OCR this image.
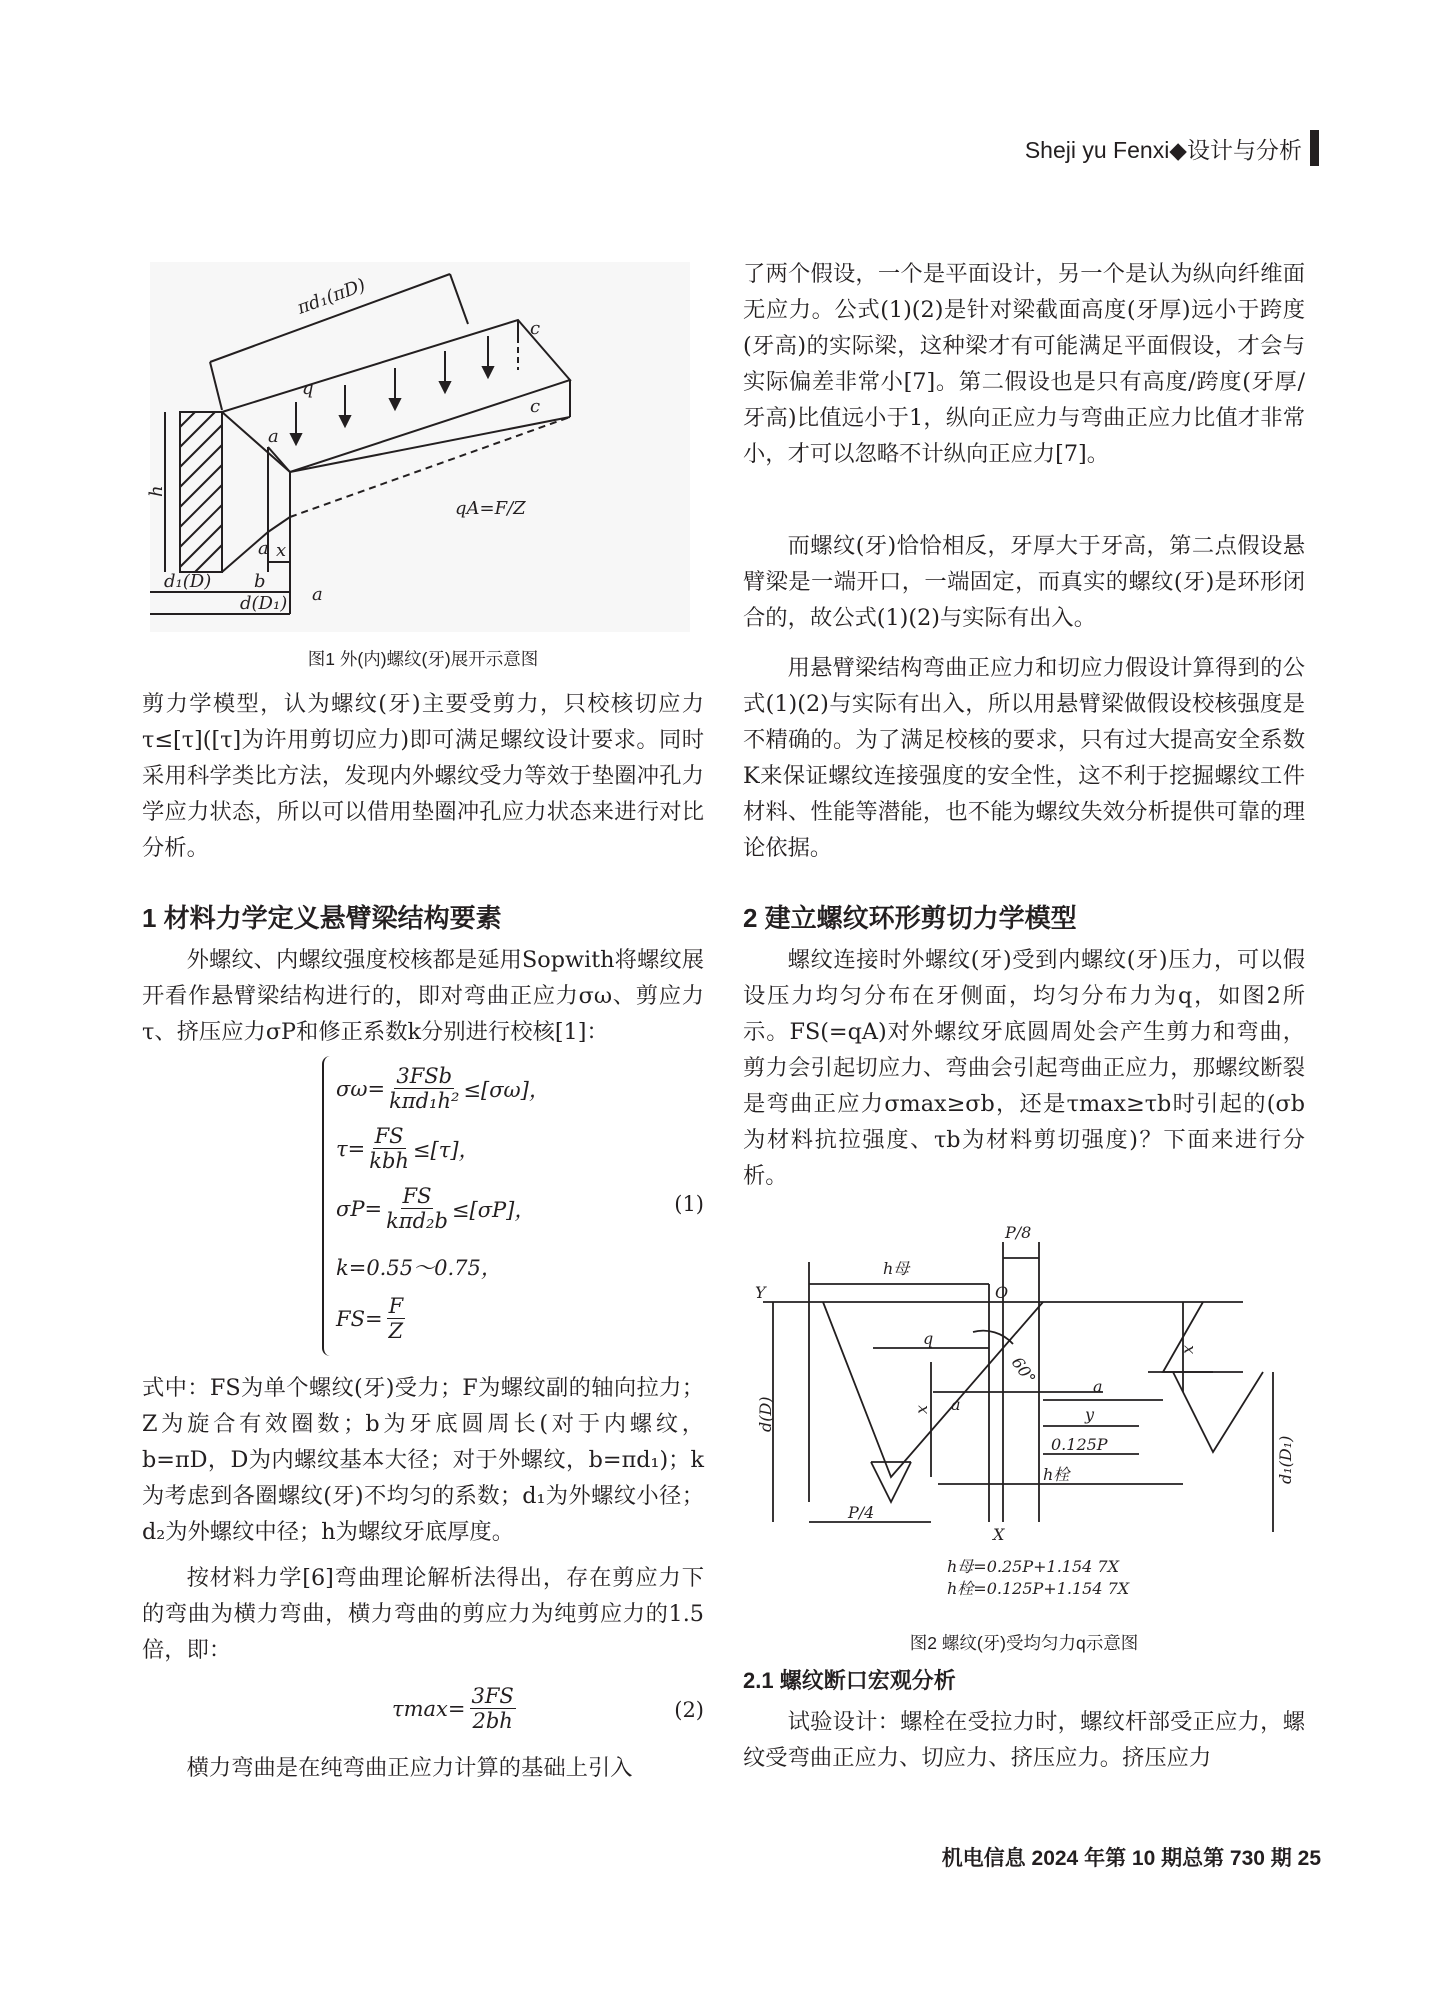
Sheji yu Fenxi◆设计与分析
πd₁(πD)
c
c
q
a
h
qA=F/Z
a x
d₁(D) b
a
d(D₁)
图1 外(内)螺纹(牙)展开示意图

剪力学模型，认为螺纹(牙)主要受剪力，只校核切应力τ≤[τ]([τ]为许用剪切应力)即可满足螺纹设计要求。同时采用科学类比方法，发现内外螺纹受力等效于垫圈冲孔力学应力状态，所以可以借用垫圈冲孔应力状态来进行对比分析。

1 材料力学定义悬臂梁结构要素

外螺纹、内螺纹强度校核都是延用Sopwith将螺纹展开看作悬臂梁结构进行的，即对弯曲正应力σω、剪应力τ、挤压应力σP和修正系数k分别进行校核[1]：

σω=
3FSb
kπd₁h² ≤[σω]，
τ=
FS
kbh ≤[τ]，
σP=
FS
kπd₂b ≤[σP]，
k=0.55～0.75，
$FS= \frac{F}{Z}$
(1)

式中：FS为单个螺纹(牙)受力；F为螺纹副的轴向拉力；Z为旋合有效圈数；b为牙底圆周长(对于内螺纹，b=πD，D为内螺纹基本大径；对于外螺纹，b=πd₁)；k为考虑到各圈螺纹(牙)不均匀的系数；d₁为外螺纹小径；d₂为外螺纹中径；h为螺纹牙底厚度。

按材料力学[6]弯曲理论解析法得出，存在剪应力下的弯曲为横力弯曲，横力弯曲的剪应力为纯剪应力的1.5倍，即：

$\tau\max= \frac{3FS}{2bh}$	(2)

横力弯曲是在纯弯曲正应力计算的基础上引入

了两个假设，一个是平面设计，另一个是认为纵向纤维面无应力。公式(1)(2)是针对梁截面高度(牙厚)远小于跨度(牙高)的实际梁，这种梁才有可能满足平面假设，才会与实际偏差非常小[7]。第二假设也是只有高度/跨度(牙厚/牙高)比值远小于1，纵向正应力与弯曲正应力比值才非常小，才可以忽略不计纵向正应力[7]。

而螺纹(牙)恰恰相反，牙厚大于牙高，第二点假设悬臂梁是一端开口，一端固定，而真实的螺纹(牙)是环形闭合的，故公式(1)(2)与实际有出入。

用悬臂梁结构弯曲正应力和切应力假设计算得到的公式(1)(2)与实际有出入，所以用悬臂梁做假设校核强度是不精确的。为了满足校核的要求，只有过大提高安全系数K来保证螺纹连接强度的安全性，这不利于挖掘螺纹工件材料、性能等潜能，也不能为螺纹失效分析提供可靠的理论依据。

2 建立螺纹环形剪切力学模型

螺纹连接时外螺纹(牙)受到内螺纹(牙)压力，可以假设压力均匀分布在牙侧面，均匀分布力为q，如图2所示。FS(=qA)对外螺纹牙底圆周处会产生剪力和弯曲，剪力会引起切应力、弯曲会引起弯曲正应力，那螺纹断裂是弯曲正应力σmax≥σb，还是τmax≥τb时引起的(σb为材料抗拉强度、τb为材料剪切强度)？下面来进行分析。

P/8
h母
Y	O
q
x
x
60°
d(D)	a
a
y
0.125P
h栓
P/4
X
d₁(D₁)
h母=0.25P+1.154 7X
h栓=0.125P+1.154 7X
图2 螺纹(牙)受均匀力q示意图

2.1 螺纹断口宏观分析

试验设计：螺栓在受拉力时，螺纹杆部受正应力，螺纹受弯曲正应力、切应力、挤压应力。挤压应力

机电信息 2024 年第 10 期总第 730 期 25
